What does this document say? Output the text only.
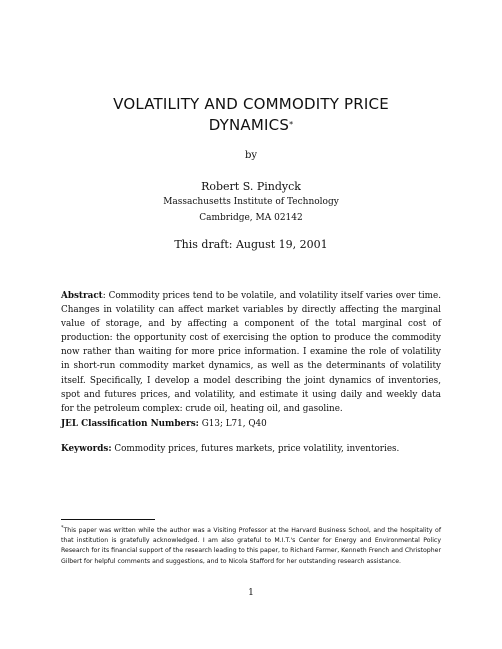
VOLATILITY AND COMMODITY PRICE
DYNAMICS*
by
Robert S. Pindyck
Massachusetts Institute of Technology
Cambridge, MA 02142
This draft: August 19, 2001
Abstract: Commodity prices tend to be volatile, and volatility itself varies over time. Changes in volatility can affect market variables by directly affecting the marginal value of storage, and by affecting a component of the total marginal cost of production: the opportunity cost of exercising the option to produce the commodity now rather than waiting for more price information. I examine the role of volatility in short-run commodity market dynamics, as well as the determinants of volatility itself. Specifically, I develop a model describing the joint dynamics of inventories, spot and futures prices, and volatility, and estimate it using daily and weekly data for the petroleum complex: crude oil, heating oil, and gasoline.
JEL Classification Numbers: G13; L71, Q40
Keywords: Commodity prices, futures markets, price volatility, inventories.
*This paper was written while the author was a Visiting Professor at the Harvard Business School, and the hospitality of that institution is gratefully acknowledged. I am also grateful to M.I.T.'s Center for Energy and Environmental Policy Research for its financial support of the research leading to this paper, to Richard Farmer, Kenneth French and Christopher Gilbert for helpful comments and suggestions, and to Nicola Stafford for her outstanding research assistance.
1
